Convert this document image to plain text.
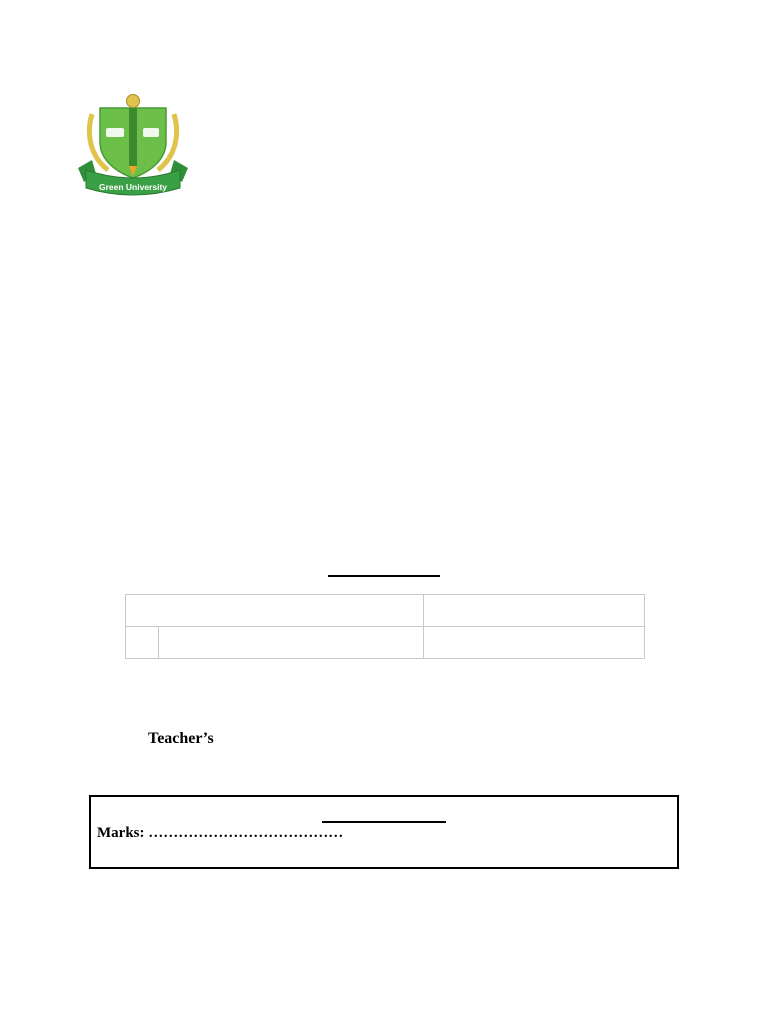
Green University

Teacher’s
Marks: …………………………………
